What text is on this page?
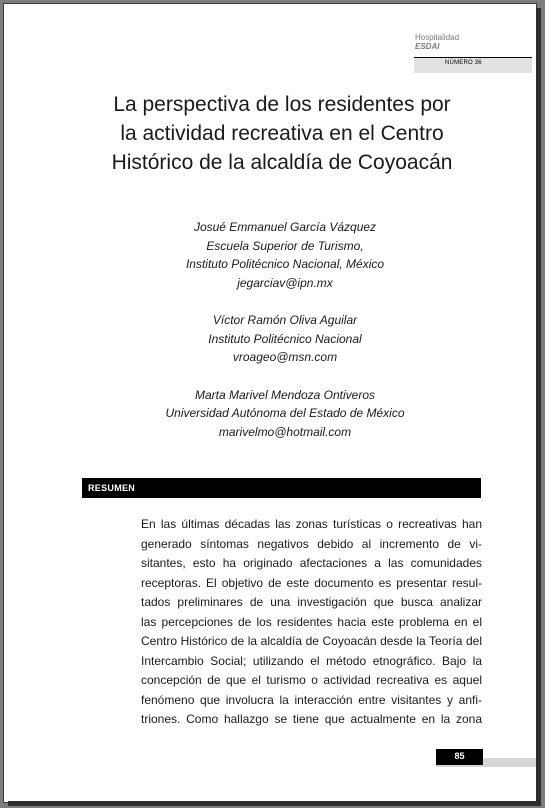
Hospitalidad
ESDAI
NÚMERO 36
La perspectiva de los residentes por
la actividad recreativa en el Centro
Histórico de la alcaldía de Coyoacán
Josué Emmanuel García Vázquez
Escuela Superior de Turismo,
Instituto Politécnico Nacional, México
jegarciav@ipn.mx
Víctor Ramón Oliva Aguilar
Instituto Politécnico Nacional
vroageo@msn.com
Marta Marivel Mendoza Ontiveros
Universidad Autónoma del Estado de México
marivelmo@hotmail.com
RESUMEN
En las últimas décadas las zonas turísticas o recreativas han
generado síntomas negativos debido al incremento de vi-
sitantes, esto ha originado afectaciones a las comunidades
receptoras. El objetivo de este documento es presentar resul-
tados preliminares de una investigación que busca analizar
las percepciones de los residentes hacia este problema en el
Centro Histórico de la alcaldía de Coyoacán desde la Teoría del
Intercambio Social; utilizando el método etnográfico. Bajo la
concepción de que el turismo o actividad recreativa es aquel
fenómeno que involucra la interacción entre visitantes y anfi-
triones. Como hallazgo se tiene que actualmente en la zona
85
